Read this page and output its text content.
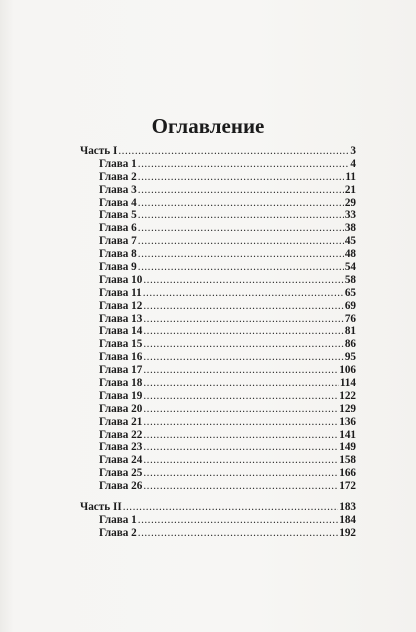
Оглавление
Часть I .....	3
Глава 1 .....	4
Глава 2 .....	11
Глава 3 .....	21
Глава 4 .....	29
Глава 5 .....	33
Глава 6 .....	38
Глава 7 .....	45
Глава 8 .....	48
Глава 9 .....	54
Глава 10 .....	58
Глава 11 .....	65
Глава 12 .....	69
Глава 13 .....	76
Глава 14 .....	81
Глава 15 .....	86
Глава 16 .....	95
Глава 17 .....	106
Глава 18 .....	114
Глава 19 .....	122
Глава 20 .....	129
Глава 21 .....	136
Глава 22 .....	141
Глава 23 .....	149
Глава 24 .....	158
Глава 25 .....	166
Глава 26 .....	172
Часть II .....	183
Глава 1 .....	184
Глава 2 .....	192
